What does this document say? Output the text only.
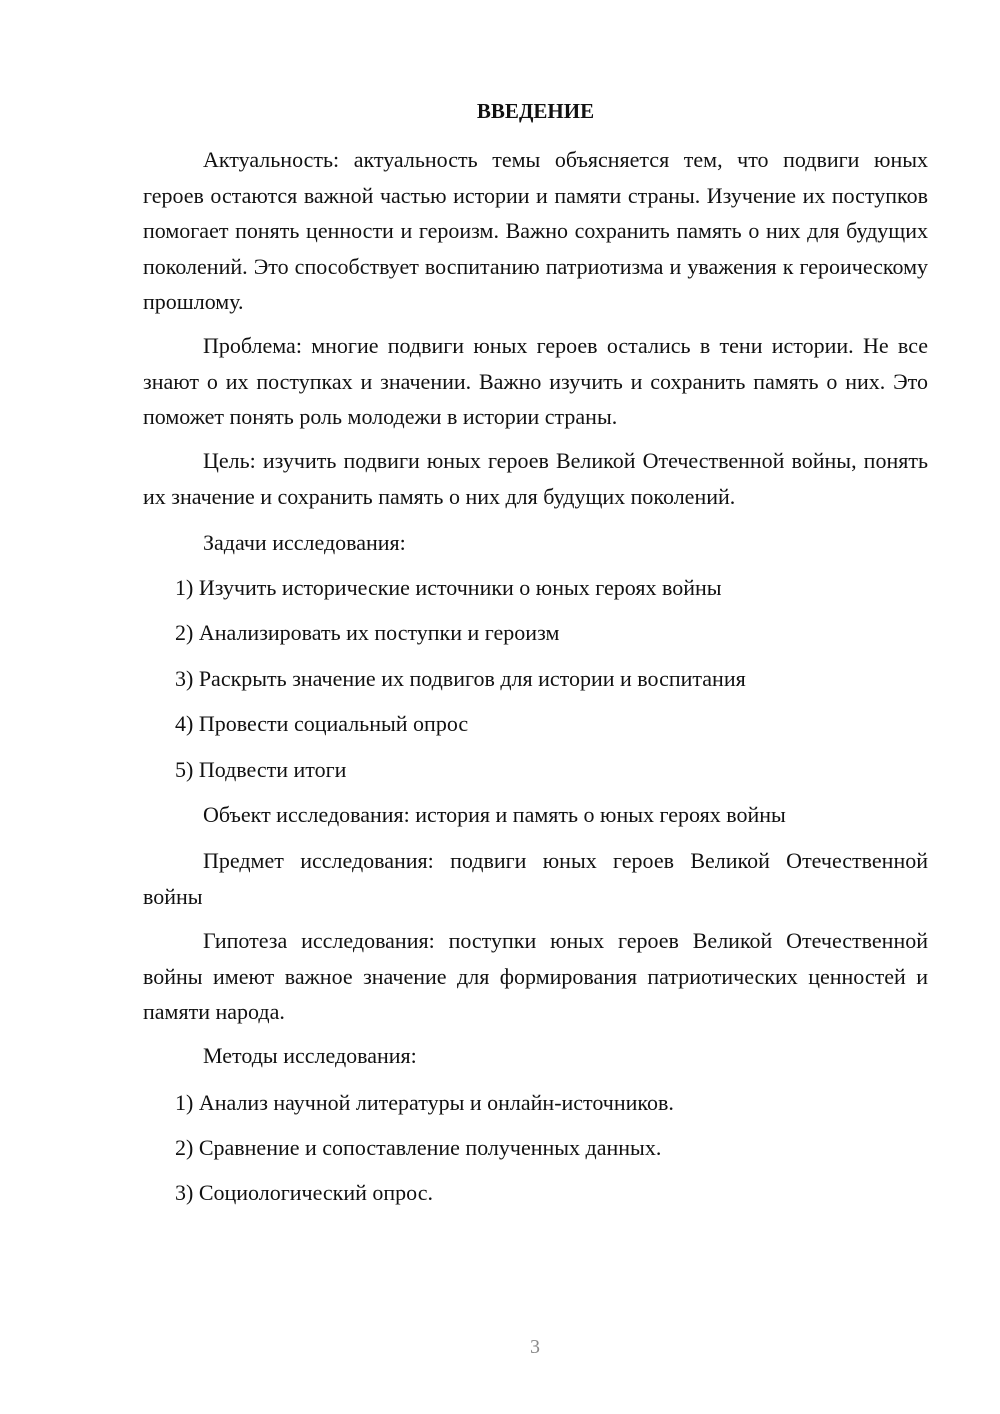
ВВЕДЕНИЕ

Актуальность: актуальность темы объясняется тем, что подвиги юных героев остаются важной частью истории и памяти страны. Изучение их поступков помогает понять ценности и героизм. Важно сохранить память о них для будущих поколений. Это способствует воспитанию патриотизма и уважения к героическому прошлому.

Проблема: многие подвиги юных героев остались в тени истории. Не все знают о их поступках и значении. Важно изучить и сохранить память о них. Это поможет понять роль молодежи в истории страны.

Цель: изучить подвиги юных героев Великой Отечественной войны, понять их значение и сохранить память о них для будущих поколений.

Задачи исследования:
1) Изучить исторические источники о юных героях войны
2) Анализировать их поступки и героизм
3) Раскрыть значение их подвигов для истории и воспитания
4) Провести социальный опрос
5) Подвести итоги
Объект исследования: история и память о юных героях войны

Предмет исследования: подвиги юных героев Великой Отечественной войны

Гипотеза исследования: поступки юных героев Великой Отечественной войны имеют важное значение для формирования патриотических ценностей и памяти народа.

Методы исследования:
1) Анализ научной литературы и онлайн-источников.
2) Сравнение и сопоставление полученных данных.
3) Социологический опрос.
3
